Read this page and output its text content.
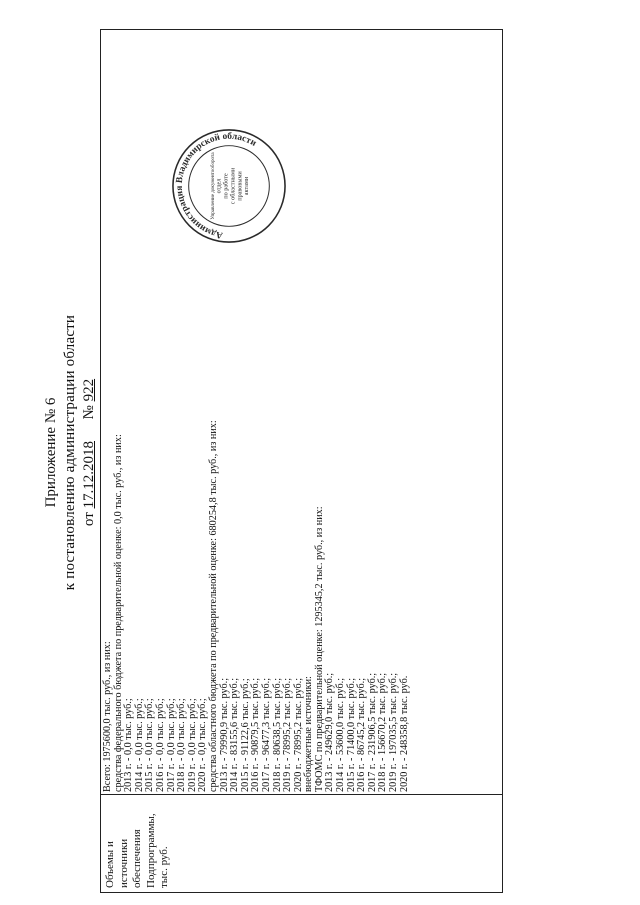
Приложение № 6 к постановлению администрации области от 17.12.2018  № 922
Объемы и источники обеспечения Подпрограммы, тыс. руб.
Всего: 1975600,0 тыс. руб., из них: средства федерального бюджета по предварительной оценке: 0,0 тыс. руб., из них: 2013 г. - 0,0 тыс. руб.; 2014 г. - 0,0 тыс. руб.; 2015 г. - 0,0 тыс. руб.; 2016 г. - 0,0 тыс. руб.; 2017 г. - 0,0 тыс. руб.; 2018 г. - 0,0 тыс. руб.; 2019 г. - 0,0 тыс. руб.; 2020 г. - 0,0 тыс. руб.; средства областного бюджета по предварительной оценке: 680254,8 тыс. руб., из них: 2013 г. - 79990,9 тыс. руб.; 2014 г. - 83155,6 тыс. руб.; 2015 г. - 91122,6 тыс. руб.; 2016 г. - 90879,5 тыс. руб.; 2017 г. - 96477,3 тыс. руб.; 2018 г. - 80638,5 тыс. руб.; 2019 г. - 78995,2 тыс. руб.; 2020 г. - 78995,2 тыс. руб.; внебюджетные источники: ТФОМС по предварительной оценке: 1295345,2 тыс. руб., из них: 2013 г. - 249629,0 тыс. руб.; 2014 г. - 53600,0 тыс. руб.; 2015 г. - 71400,0 тыс. руб.; 2016 г. - 86745,2 тыс. руб.; 2017 г. - 231906,5 тыс. руб.; 2018 г. - 156670,2 тыс. руб.; 2019 г. - 197035,5 тыс. руб.; 2020 г. - 248358,8 тыс. руб.
Администрация Владимирской области
Управление документооборота отдел по работе с областными правовыми актами
